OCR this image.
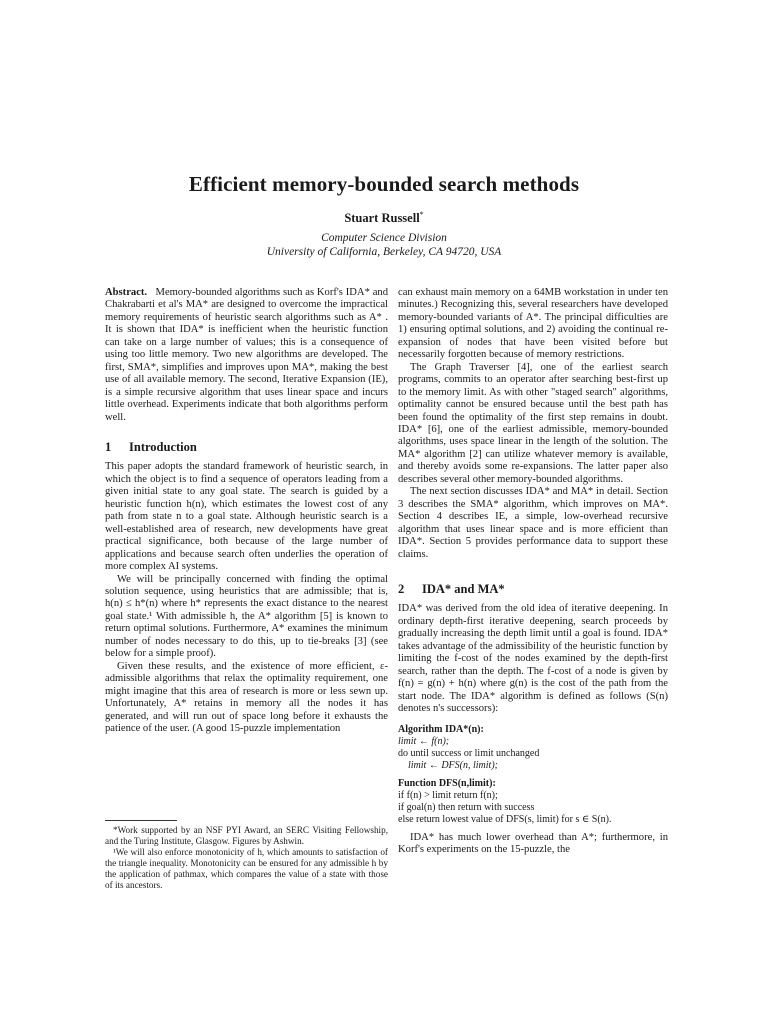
Efficient memory-bounded search methods
Stuart Russell*
Computer Science Division
University of California, Berkeley, CA 94720, USA

Abstract. Memory-bounded algorithms such as Korf's IDA* and Chakrabarti et al's MA* are designed to overcome the impractical memory requirements of heuristic search algorithms such as A* . It is shown that IDA* is inefficient when the heuristic function can take on a large number of values; this is a consequence of using too little memory. Two new algorithms are developed. The first, SMA*, simplifies and improves upon MA*, making the best use of all available memory. The second, Iterative Expansion (IE), is a simple recursive algorithm that uses linear space and incurs little overhead. Experiments indicate that both algorithms perform well.

1 Introduction

This paper adopts the standard framework of heuristic search, in which the object is to find a sequence of operators leading from a given initial state to any goal state. The search is guided by a heuristic function h(n), which estimates the lowest cost of any path from state n to a goal state. Although heuristic search is a well-established area of research, new developments have great practical significance, both because of the large number of applications and because search often underlies the operation of more complex AI systems.

We will be principally concerned with finding the optimal solution sequence, using heuristics that are admissible; that is, h(n) ≤ h*(n) where h* represents the exact distance to the nearest goal state.¹ With admissible h, the A* algorithm [5] is known to return optimal solutions. Furthermore, A* examines the minimum number of nodes necessary to do this, up to tie-breaks [3] (see below for a simple proof).

Given these results, and the existence of more efficient, ε-admissible algorithms that relax the optimality requirement, one might imagine that this area of research is more or less sewn up. Unfortunately, A* retains in memory all the nodes it has generated, and will run out of space long before it exhausts the patience of the user. (A good 15-puzzle implementation

*Work supported by an NSF PYI Award, an SERC Visiting Fellowship, and the Turing Institute, Glasgow. Figures by Ashwin.

¹We will also enforce monotonicity of h, which amounts to satisfaction of the triangle inequality. Monotonicity can be ensured for any admissible h by the application of pathmax, which compares the value of a state with those of its ancestors.

can exhaust main memory on a 64MB workstation in under ten minutes.) Recognizing this, several researchers have developed memory-bounded variants of A*. The principal difficulties are 1) ensuring optimal solutions, and 2) avoiding the continual re-expansion of nodes that have been visited before but necessarily forgotten because of memory restrictions.

The Graph Traverser [4], one of the earliest search programs, commits to an operator after searching best-first up to the memory limit. As with other "staged search" algorithms, optimality cannot be ensured because until the best path has been found the optimality of the first step remains in doubt. IDA* [6], one of the earliest admissible, memory-bounded algorithms, uses space linear in the length of the solution. The MA* algorithm [2] can utilize whatever memory is available, and thereby avoids some re-expansions. The latter paper also describes several other memory-bounded algorithms.

The next section discusses IDA* and MA* in detail. Section 3 describes the SMA* algorithm, which improves on MA*. Section 4 describes IE, a simple, low-overhead recursive algorithm that uses linear space and is more efficient than IDA*. Section 5 provides performance data to support these claims.

2 IDA* and MA*

IDA* was derived from the old idea of iterative deepening. In ordinary depth-first iterative deepening, search proceeds by gradually increasing the depth limit until a goal is found. IDA* takes advantage of the admissibility of the heuristic function by limiting the f-cost of the nodes examined by the depth-first search, rather than the depth. The f-cost of a node is given by f(n) = g(n) + h(n) where g(n) is the cost of the path from the start node. The IDA* algorithm is defined as follows (S(n) denotes n's successors):

Algorithm IDA*(n):
limit ← f(n);
do until success or limit unchanged
limit ← DFS(n, limit);
Function DFS(n,limit):
if f(n) > limit return f(n);
if goal(n) then return with success
else return lowest value of DFS(s, limit) for s ∈ S(n).

IDA* has much lower overhead than A*; furthermore, in Korf's experiments on the 15-puzzle, the
